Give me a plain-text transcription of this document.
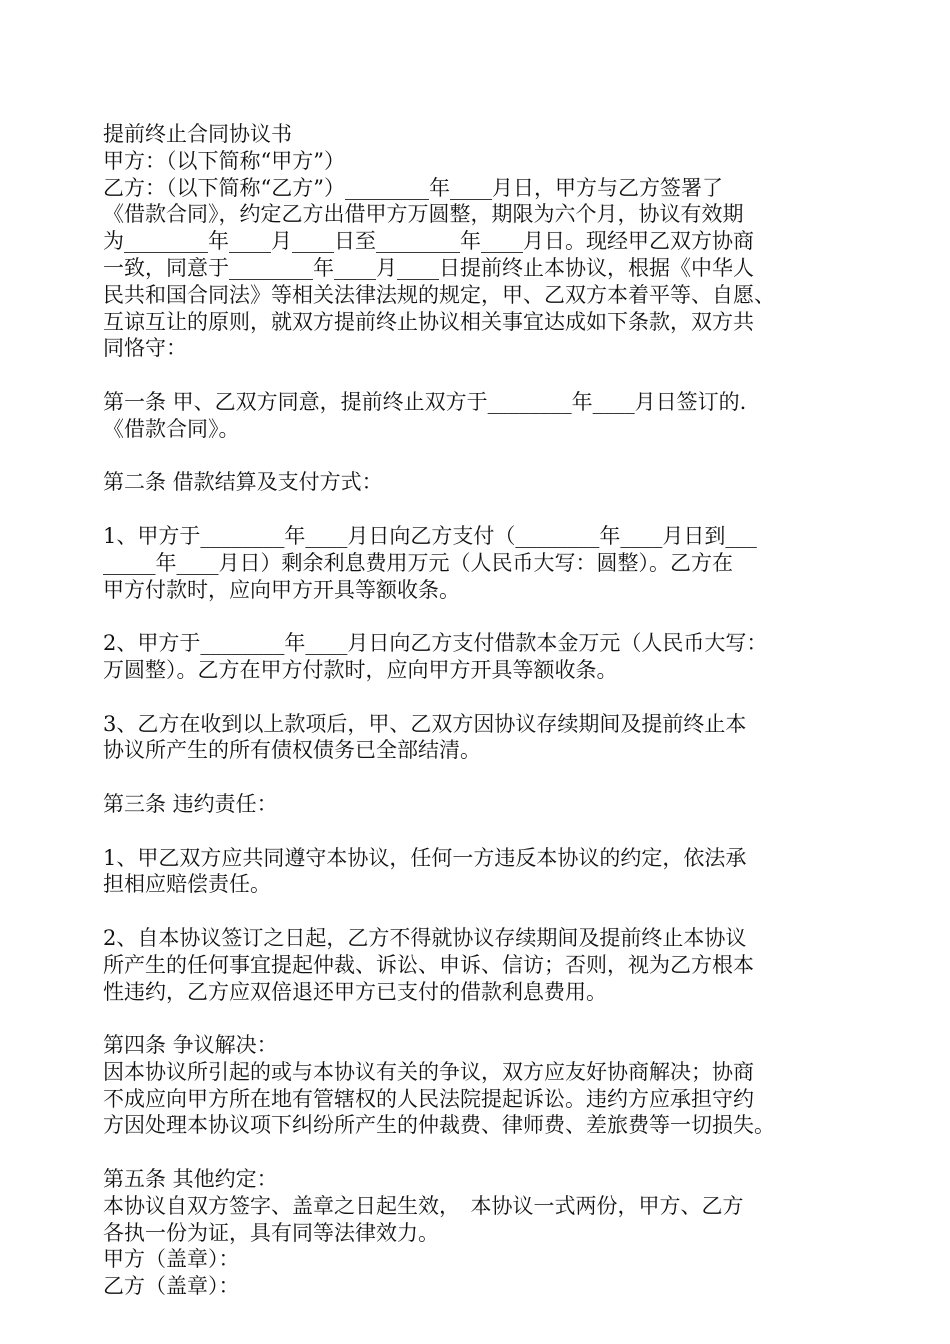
提前终止合同协议书
甲方：（以下简称“甲方”）
乙方：（以下简称“乙方”）________年____月日，甲方与乙方签署了
《借款合同》，约定乙方出借甲方万圆整，期限为六个月，协议有效期
为________年____月____日至________年____月日。现经甲乙双方协商
一致，同意于________年____月____日提前终止本协议，根据《中华人
民共和国合同法》等相关法律法规的规定，甲、乙双方本着平等、自愿、
互谅互让的原则，就双方提前终止协议相关事宜达成如下条款，双方共
同恪守：
第一条 甲、乙双方同意，提前终止双方于________年____月日签订的.
《借款合同》。
第二条 借款结算及支付方式：
1、甲方于________年____月日向乙方支付（________年____月日到___
_____年____月日）剩余利息费用万元（人民币大写：圆整）。乙方在
甲方付款时，应向甲方开具等额收条。
2、甲方于________年____月日向乙方支付借款本金万元（人民币大写：
万圆整）。乙方在甲方付款时，应向甲方开具等额收条。
3、乙方在收到以上款项后，甲、乙双方因协议存续期间及提前终止本
协议所产生的所有债权债务已全部结清。
第三条 违约责任：
1、甲乙双方应共同遵守本协议，任何一方违反本协议的约定，依法承
担相应赔偿责任。
2、自本协议签订之日起，乙方不得就协议存续期间及提前终止本协议
所产生的任何事宜提起仲裁、诉讼、申诉、信访；否则，视为乙方根本
性违约，乙方应双倍退还甲方已支付的借款利息费用。
第四条 争议解决：
因本协议所引起的或与本协议有关的争议，双方应友好协商解决；协商
不成应向甲方所在地有管辖权的人民法院提起诉讼。违约方应承担守约
方因处理本协议项下纠纷所产生的仲裁费、律师费、差旅费等一切损失。
第五条 其他约定：
本协议自双方签字、盖章之日起生效，　本协议一式两份，甲方、乙方
各执一份为证，具有同等法律效力。
甲方（盖章）：
乙方（盖章）：
